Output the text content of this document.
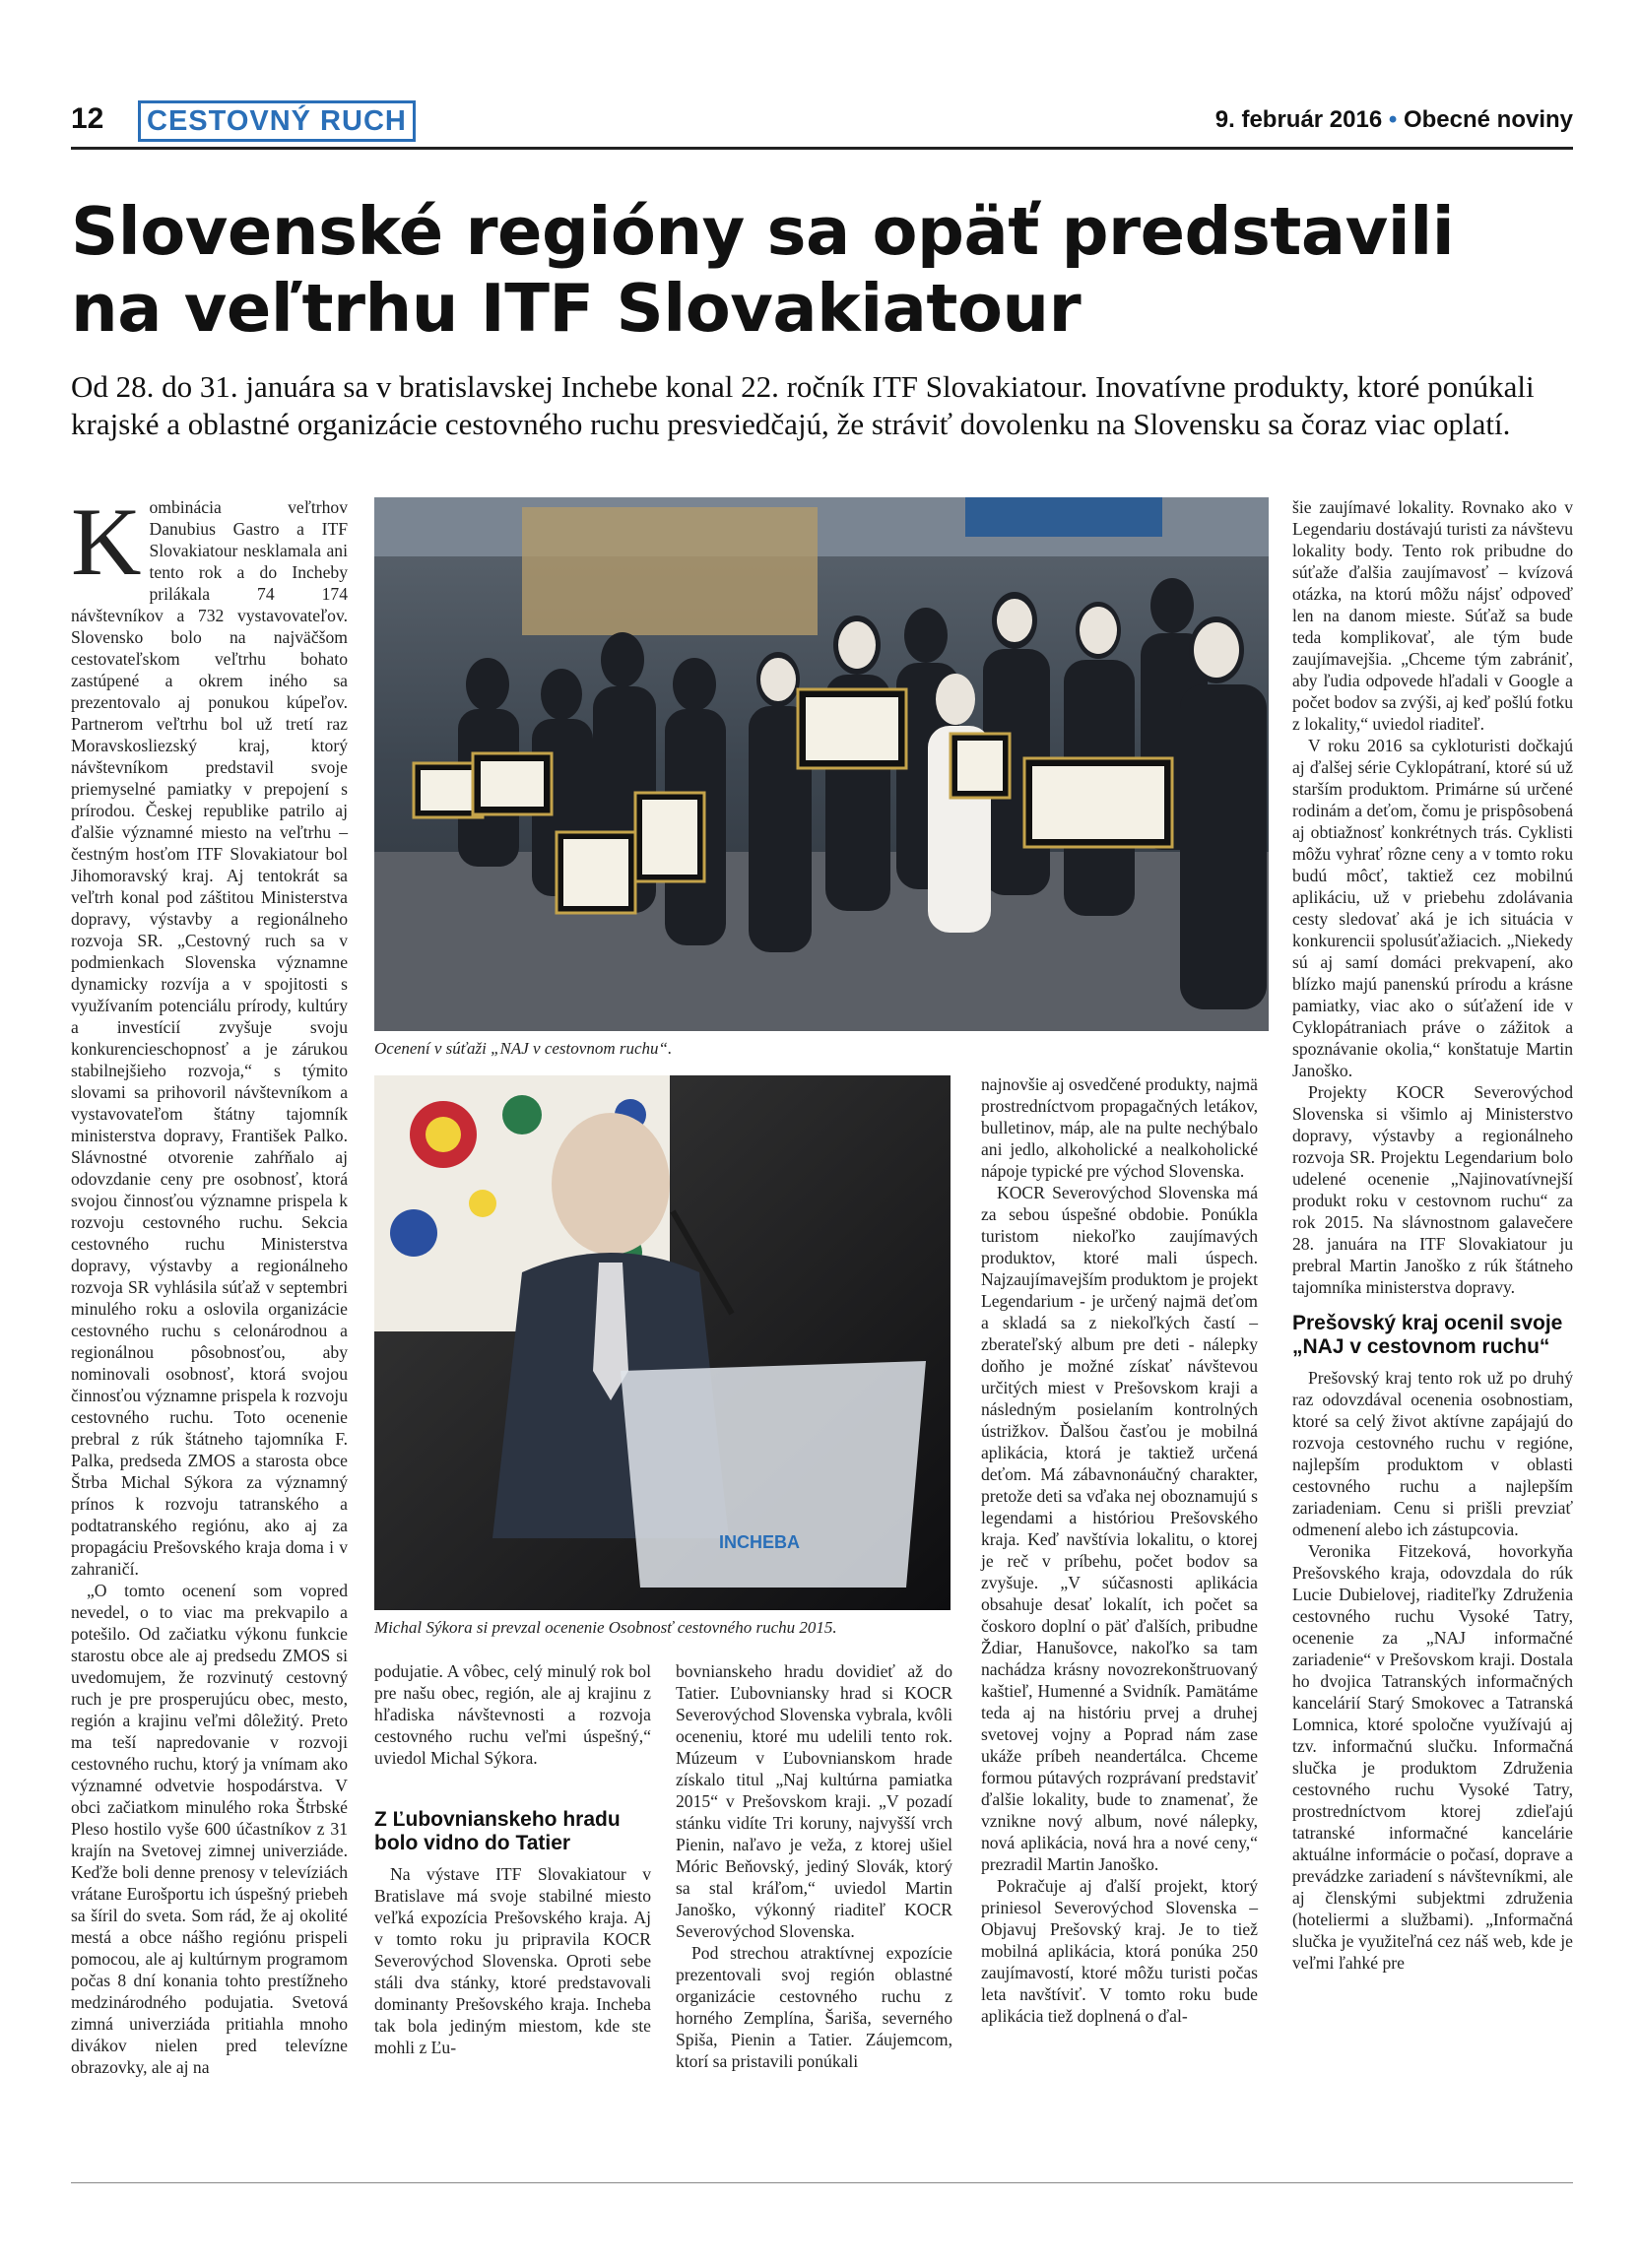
12	CESTOVNÝ RUCH	9. február 2016 • Obecné noviny
Slovenské regióny sa opäť predstavili
na veľtrhu ITF Slovakiatour

Od 28. do 31. januára sa v bratislavskej Inchebe konal 22. ročník ITF Slovakiatour. Inovatívne produkty, ktoré ponúkali krajské a oblastné organizácie cestovného ruchu presviedčajú, že stráviť dovolenku na Slovensku sa čoraz viac oplatí.

Kombinácia veľtrhov Danubius Gastro a ITF Slovakiatour nesklamala ani tento rok a do Incheby prilákala 74 174 návštevníkov a 732 vystavovateľov. Slovensko bolo na najväčšom cestovateľskom veľtrhu bohato zastúpené a okrem iného sa prezentovalo aj ponukou kúpeľov. Partnerom veľtrhu bol už tretí raz Moravskosliezský kraj, ktorý návštevníkom predstavil svoje priemyselné pamiatky v prepojení s prírodou. Českej republike patrilo aj ďalšie významné miesto na veľtrhu – čestným hosťom ITF Slovakiatour bol Jihomoravský kraj. Aj tentokrát sa veľtrh konal pod záštitou Ministerstva dopravy, výstavby a regionálneho rozvoja SR. „Cestovný ruch sa v podmienkach Slovenska významne dynamicky rozvíja a v spojitosti s využívaním potenciálu prírody, kultúry a investícií zvyšuje svoju konkurencieschopnosť a je zárukou stabilnejšieho rozvoja,“ s týmito slovami sa prihovoril návštevníkom a vystavovateľom štátny tajomník ministerstva dopravy, František Palko. Slávnostné otvorenie zahŕňalo aj odovzdanie ceny pre osobnosť, ktorá svojou činnosťou významne prispela k rozvoju cestovného ruchu. Sekcia cestovného ruchu Ministerstva dopravy, výstavby a regionálneho rozvoja SR vyhlásila súťaž v septembri minulého roku a oslovila organizácie cestovného ruchu s celonárodnou a regionálnou pôsobnosťou, aby nominovali osobnosť, ktorá svojou činnosťou významne prispela k rozvoju cestovného ruchu. Toto ocenenie prebral z rúk štátneho tajomníka F. Palka, predseda ZMOS a starosta obce Štrba Michal Sýkora za významný prínos k rozvoju tatranského a podtatranského regiónu, ako aj za propagáciu Prešovského kraja doma i v zahraničí.

„O tomto ocenení som vopred nevedel, o to viac ma prekvapilo a potešilo. Od začiatku výkonu funkcie starostu obce ale aj predsedu ZMOS si uvedomujem, že rozvinutý cestovný ruch je pre prosperujúcu obec, mesto, región a krajinu veľmi dôležitý. Preto ma teší napredovanie v rozvoji cestovného ruchu, ktorý ja vnímam ako významné odvetvie hospodárstva. V obci začiatkom minulého roka Štrbské Pleso hostilo vyše 600 účastníkov z 31 krajín na Svetovej zimnej univerziáde. Keďže boli denne prenosy v televíziách vrátane Eurošportu ich úspešný priebeh sa šíril do sveta. Som rád, že aj okolité mestá a obce nášho regiónu prispeli pomocou, ale aj kultúrnym programom počas 8 dní konania tohto prestížneho medzinárodného podujatia. Svetová zimná univerziáda pritiahla mnoho divákov nielen pred televízne obrazovky, ale aj na

Ocenení v súťaži „NAJ v cestovnom ruchu“.
INCHEBA
Michal Sýkora si prevzal ocenenie Osobnosť cestovného ruchu 2015.

podujatie. A vôbec, celý minulý rok bol pre našu obec, región, ale aj krajinu z hľadiska návštevnosti a rozvoja cestovného ruchu veľmi úspešný,“ uviedol Michal Sýkora.

Z Ľubovnianskeho hradu bolo vidno do Tatier

Na výstave ITF Slovakiatour v Bratislave má svoje stabilné miesto veľká expozícia Prešovského kraja. Aj v tomto roku ju pripravila KOCR Severovýchod Slovenska. Oproti sebe stáli dva stánky, ktoré predstavovali dominanty Prešovského kraja. Incheba tak bola jediným miestom, kde ste mohli z Ľu-

bovnianskeho hradu dovidieť až do Tatier. Ľubovniansky hrad si KOCR Severovýchod Slovenska vybrala, kvôli oceneniu, ktoré mu udelili tento rok. Múzeum v Ľubovnianskom hrade získalo titul „Naj kultúrna pamiatka 2015“ v Prešovskom kraji. „V pozadí stánku vidíte Tri koruny, najvyšší vrch Pienin, naľavo je veža, z ktorej ušiel Móric Beňovský, jediný Slovák, ktorý sa stal kráľom,“ uviedol Martin Janoško, výkonný riaditeľ KOCR Severovýchod Slovenska.

Pod strechou atraktívnej expozície prezentovali svoj región oblastné organizácie cestovného ruchu z horného Zemplína, Šariša, severného Spiša, Pienin a Tatier. Záujemcom, ktorí sa pristavili ponúkali

najnovšie aj osvedčené produkty, najmä prostredníctvom propagačných letákov, bulletinov, máp, ale na pulte nechýbalo ani jedlo, alkoholické a nealkoholické nápoje typické pre východ Slovenska.

KOCR Severovýchod Slovenska má za sebou úspešné obdobie. Ponúkla turistom niekoľko zaujímavých produktov, ktoré mali úspech. Najzaujímavejším produktom je projekt Legendarium - je určený najmä deťom a skladá sa z niekoľkých častí – zberateľský album pre deti - nálepky doňho je možné získať návštevou určitých miest v Prešovskom kraji a následným posielaním kontrolných ústrižkov. Ďalšou časťou je mobilná aplikácia, ktorá je taktiež určená deťom. Má zábavnonáučný charakter, pretože deti sa vďaka nej oboznamujú s legendami a históriou Prešovského kraja. Keď navštívia lokalitu, o ktorej je reč v príbehu, počet bodov sa zvyšuje. „V súčasnosti aplikácia obsahuje desať lokalít, ich počet sa čoskoro doplní o päť ďalších, pribudne Ždiar, Hanušovce, nakoľko sa tam nachádza krásny novozrekonštruovaný kaštieľ, Humenné a Svidník. Pamätáme teda aj na históriu prvej a druhej svetovej vojny a Poprad nám zase ukáže príbeh neandertálca. Chceme formou pútavých rozprávaní predstaviť ďalšie lokality, bude to znamenať, že vznikne nový album, nové nálepky, nová aplikácia, nová hra a nové ceny,“ prezradil Martin Janoško.

Pokračuje aj ďalší projekt, ktorý priniesol Severovýchod Slovenska – Objavuj Prešovský kraj. Je to tiež mobilná aplikácia, ktorá ponúka 250 zaujímavostí, ktoré môžu turisti počas leta navštíviť. V tomto roku bude aplikácia tiež doplnená o ďal-

šie zaujímavé lokality. Rovnako ako v Legendariu dostávajú turisti za návštevu lokality body. Tento rok pribudne do súťaže ďalšia zaujímavosť – kvízová otázka, na ktorú môžu nájsť odpoveď len na danom mieste. Súťaž sa bude teda komplikovať, ale tým bude zaujímavejšia. „Chceme tým zabrániť, aby ľudia odpovede hľadali v Google a počet bodov sa zvýši, aj keď pošlú fotku z lokality,“ uviedol riaditeľ.

V roku 2016 sa cykloturisti dočkajú aj ďalšej série Cyklopátraní, ktoré sú už starším produktom. Primárne sú určené rodinám a deťom, čomu je prispôsobená aj obtiažnosť konkrétnych trás. Cyklisti môžu vyhrať rôzne ceny a v tomto roku budú môcť, taktiež cez mobilnú aplikáciu, už v priebehu zdolávania cesty sledovať aká je ich situácia v konkurencii spolusúťažiacich. „Niekedy sú aj samí domáci prekvapení, ako blízko majú panenskú prírodu a krásne pamiatky, viac ako o súťažení ide v Cyklopátraniach práve o zážitok a spoznávanie okolia,“ konštatuje Martin Janoško.

Projekty KOCR Severovýchod Slovenska si všimlo aj Ministerstvo dopravy, výstavby a regionálneho rozvoja SR. Projektu Legendarium bolo udelené ocenenie „Najinovatívnejší produkt roku v cestovnom ruchu“ za rok 2015. Na slávnostnom galavečere 28. januára na ITF Slovakiatour ju prebral Martin Janoško z rúk štátneho tajomníka ministerstva dopravy.

Prešovský kraj ocenil svoje „NAJ v cestovnom ruchu“

Prešovský kraj tento rok už po druhý raz odovzdával ocenenia osobnostiam, ktoré sa celý život aktívne zapájajú do rozvoja cestovného ruchu v regióne, najlepším produktom v oblasti cestovného ruchu a najlepším zariadeniam. Cenu si prišli prevziať odmenení alebo ich zástupcovia.

Veronika Fitzeková, hovorkyňa Prešovského kraja, odovzdala do rúk Lucie Dubielovej, riaditeľky Združenia cestovného ruchu Vysoké Tatry, ocenenie za „NAJ informačné zariadenie“ v Prešovskom kraji. Dostala ho dvojica Tatranských informačných kancelárií Starý Smokovec a Tatranská Lomnica, ktoré spoločne využívajú aj tzv. informačnú slučku. Informačná slučka je produktom Združenia cestovného ruchu Vysoké Tatry, prostredníctvom ktorej zdieľajú tatranské informačné kancelárie aktuálne informácie o počasí, doprave a prevádzke zariadení s návštevníkmi, ale aj členskými subjektmi združenia (hoteliermi a službami). „Informačná slučka je využiteľná cez náš web, kde je veľmi ľahké pre
